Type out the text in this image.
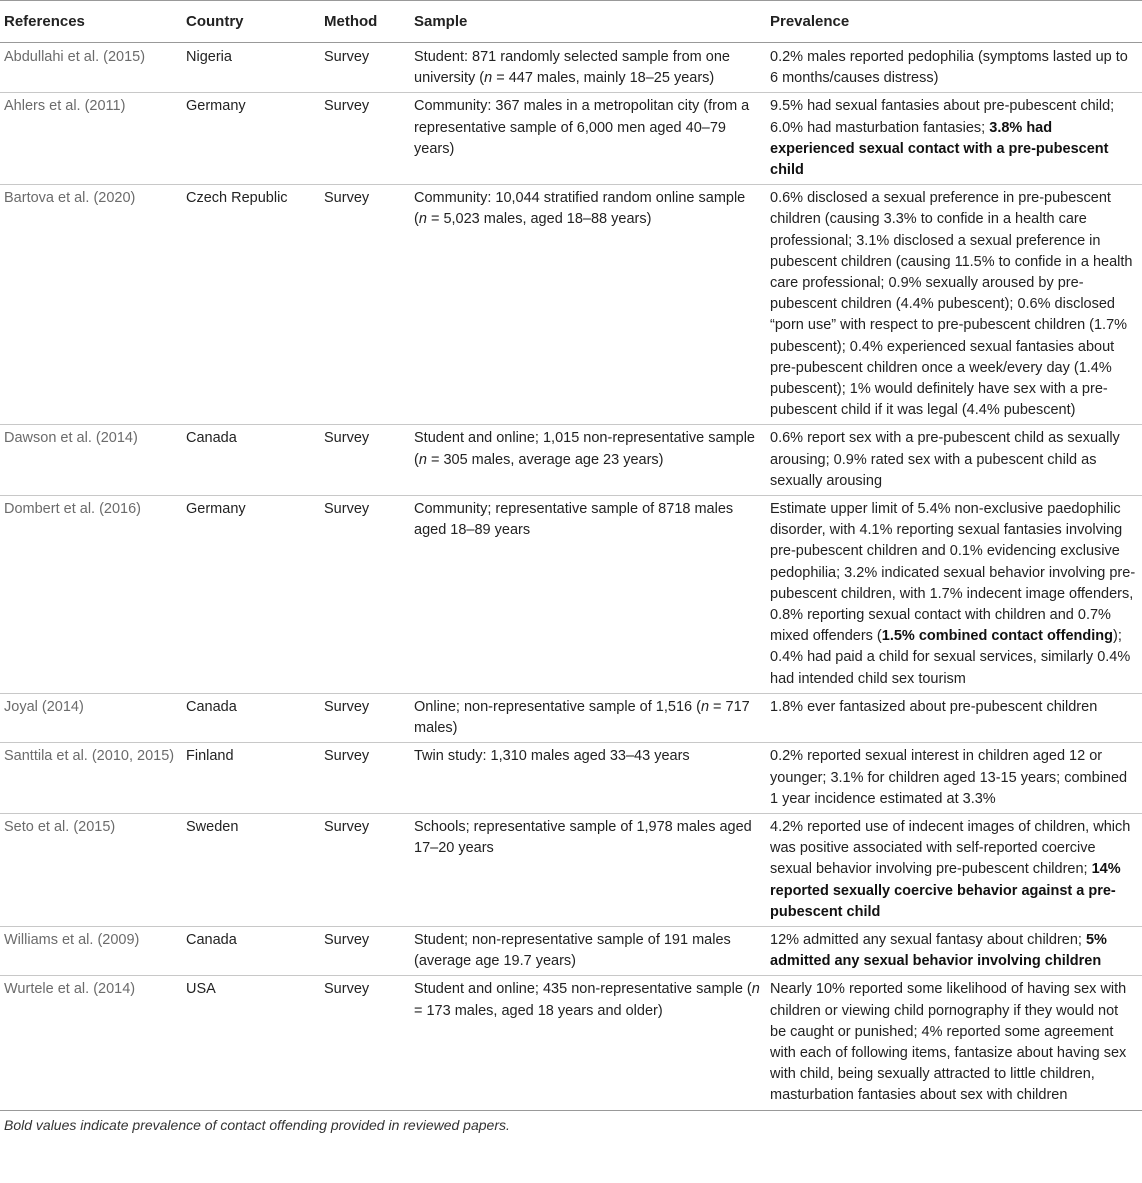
References	Country	Method	Sample	Prevalence
Abdullahi et al. (2015)	Nigeria	Survey	Student: 871 randomly selected sample from one university (n = 447 males, mainly 18–25 years)	0.2% males reported pedophilia (symptoms lasted up to 6 months/causes distress)
Ahlers et al. (2011)	Germany	Survey	Community: 367 males in a metropolitan city (from a representative sample of 6,000 men aged 40–79 years)	9.5% had sexual fantasies about pre-pubescent child; 6.0% had masturbation fantasies; 3.8% had experienced sexual contact with a pre-pubescent child
Bartova et al. (2020)	Czech Republic	Survey	Community: 10,044 stratified random online sample (n = 5,023 males, aged 18–88 years)	0.6% disclosed a sexual preference in pre-pubescent children (causing 3.3% to confide in a health care professional; 3.1% disclosed a sexual preference in pubescent children (causing 11.5% to confide in a health care professional; 0.9% sexually aroused by pre-pubescent children (4.4% pubescent); 0.6% disclosed “porn use” with respect to pre-pubescent children (1.7% pubescent); 0.4% experienced sexual fantasies about pre-pubescent children once a week/every day (1.4% pubescent); 1% would definitely have sex with a pre-pubescent child if it was legal (4.4% pubescent)
Dawson et al. (2014)	Canada	Survey	Student and online; 1,015 non-representative sample (n = 305 males, average age 23 years)	0.6% report sex with a pre-pubescent child as sexually arousing; 0.9% rated sex with a pubescent child as sexually arousing
Dombert et al. (2016)	Germany	Survey	Community; representative sample of 8718 males aged 18–89 years	Estimate upper limit of 5.4% non-exclusive paedophilic disorder, with 4.1% reporting sexual fantasies involving pre-pubescent children and 0.1% evidencing exclusive pedophilia; 3.2% indicated sexual behavior involving pre-pubescent children, with 1.7% indecent image offenders, 0.8% reporting sexual contact with children and 0.7% mixed offenders (1.5% combined contact offending); 0.4% had paid a child for sexual services, similarly 0.4% had intended child sex tourism
Joyal (2014)	Canada	Survey	Online; non-representative sample of 1,516 (n = 717 males)	1.8% ever fantasized about pre-pubescent children
Santtila et al. (2010, 2015)	Finland	Survey	Twin study: 1,310 males aged 33–43 years	0.2% reported sexual interest in children aged 12 or younger; 3.1% for children aged 13-15 years; combined 1 year incidence estimated at 3.3%
Seto et al. (2015)	Sweden	Survey	Schools; representative sample of 1,978 males aged 17–20 years	4.2% reported use of indecent images of children, which was positive associated with self-reported coercive sexual behavior involving pre-pubescent children; 14% reported sexually coercive behavior against a pre-pubescent child
Williams et al. (2009)	Canada	Survey	Student; non-representative sample of 191 males (average age 19.7 years)	12% admitted any sexual fantasy about children; 5% admitted any sexual behavior involving children
Wurtele et al. (2014)	USA	Survey	Student and online; 435 non-representative sample (n = 173 males, aged 18 years and older)	Nearly 10% reported some likelihood of having sex with children or viewing child pornography if they would not be caught or punished; 4% reported some agreement with each of following items, fantasize about having sex with child, being sexually attracted to little children, masturbation fantasies about sex with children
Bold values indicate prevalence of contact offending provided in reviewed papers.
